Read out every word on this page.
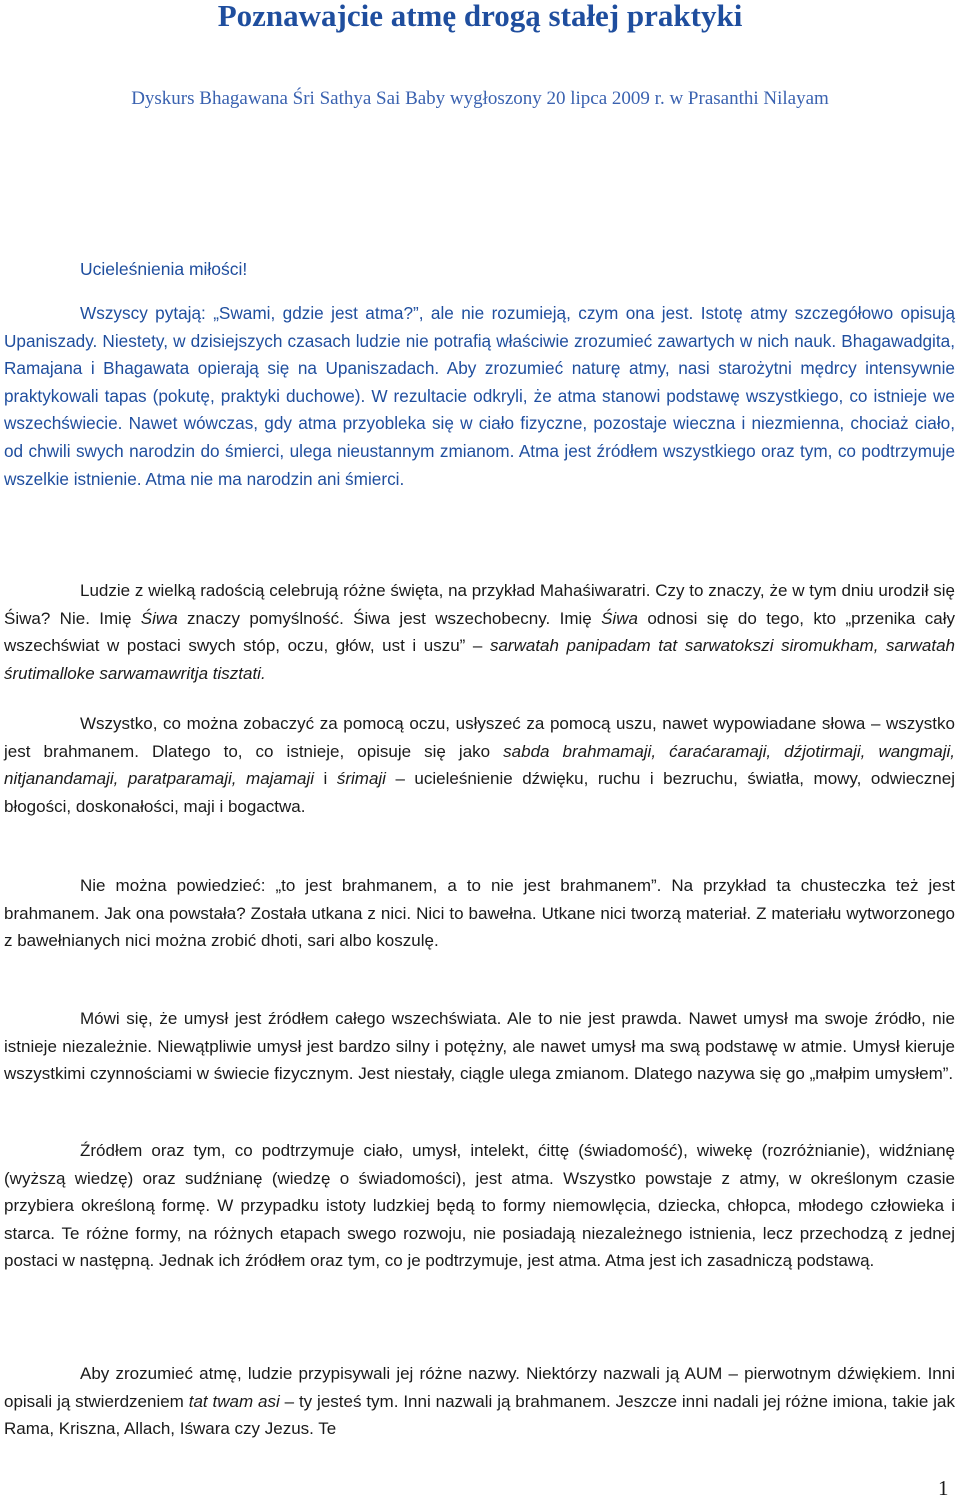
Poznawajcie atmę drogą stałej praktyki
Dyskurs Bhagawana Śri Sathya Sai Baby wygłoszony 20 lipca 2009 r. w Prasanthi Nilayam
Ucieleśnienia miłości!

Wszyscy pytają: „Swami, gdzie jest atma?”, ale nie rozumieją, czym ona jest. Istotę atmy szczegółowo opisują Upaniszady. Niestety, w dzisiejszych czasach ludzie nie potrafią właściwie zrozumieć zawartych w nich nauk. Bhagawadgita, Ramajana i Bhagawata opierają się na Upaniszadach. Aby zrozumieć naturę atmy, nasi starożytni mędrcy intensywnie praktykowali tapas (pokutę, praktyki duchowe). W rezultacie odkryli, że atma stanowi podstawę wszystkiego, co istnieje we wszechświecie. Nawet wówczas, gdy atma przyobleka się w ciało fizyczne, pozostaje wieczna i niezmienna, chociaż ciało, od chwili swych narodzin do śmierci, ulega nieustannym zmianom. Atma jest źródłem wszystkiego oraz tym, co podtrzymuje wszelkie istnienie. Atma nie ma narodzin ani śmierci.

Ludzie z wielką radością celebrują różne święta, na przykład Mahaśiwaratri. Czy to znaczy, że w tym dniu urodził się Śiwa? Nie. Imię Śiwa znaczy pomyślność. Śiwa jest wszechobecny. Imię Śiwa odnosi się do tego, kto „przenika cały wszechświat w postaci swych stóp, oczu, głów, ust i uszu” – sarwatah panipadam tat sarwatokszi siromukham, sarwatah śrutimalloke sarwamawritja tisztati.

Wszystko, co można zobaczyć za pomocą oczu, usłyszeć za pomocą uszu, nawet wypowiadane słowa – wszystko jest brahmanem. Dlatego to, co istnieje, opisuje się jako sabda brahmamaji, ćaraćaramaji, dźjotirmaji, wangmaji, nitjanandamaji, paratparamaji, majamaji i śrimaji – ucieleśnienie dźwięku, ruchu i bezruchu, światła, mowy, odwiecznej błogości, doskonałości, maji i bogactwa.

Nie można powiedzieć: „to jest brahmanem, a to nie jest brahmanem”. Na przykład ta chusteczka też jest brahmanem. Jak ona powstała? Została utkana z nici. Nici to bawełna. Utkane nici tworzą materiał. Z materiału wytworzonego z bawełnianych nici można zrobić dhoti, sari albo koszulę.

Mówi się, że umysł jest źródłem całego wszechświata. Ale to nie jest prawda. Nawet umysł ma swoje źródło, nie istnieje niezależnie. Niewątpliwie umysł jest bardzo silny i potężny, ale nawet umysł ma swą podstawę w atmie. Umysł kieruje wszystkimi czynnościami w świecie fizycznym. Jest niestały, ciągle ulega zmianom. Dlatego nazywa się go „małpim umysłem”.

Źródłem oraz tym, co podtrzymuje ciało, umysł, intelekt, ćittę (świadomość), wiwekę (rozróżnianie), widźnianę (wyższą wiedzę) oraz sudźnianę (wiedzę o świadomości), jest atma. Wszystko powstaje z atmy, w określonym czasie przybiera określoną formę. W przypadku istoty ludzkiej będą to formy niemowlęcia, dziecka, chłopca, młodego człowieka i starca. Te różne formy, na różnych etapach swego rozwoju, nie posiadają niezależnego istnienia, lecz przechodzą z jednej postaci w następną. Jednak ich źródłem oraz tym, co je podtrzymuje, jest atma. Atma jest ich zasadniczą podstawą.

Aby zrozumieć atmę, ludzie przypisywali jej różne nazwy. Niektórzy nazwali ją AUM – pierwotnym dźwiękiem. Inni opisali ją stwierdzeniem tat twam asi – ty jesteś tym. Inni nazwali ją brahmanem. Jeszcze inni nadali jej różne imiona, takie jak Rama, Kriszna, Allach, Iśwara czy Jezus. Te

1
